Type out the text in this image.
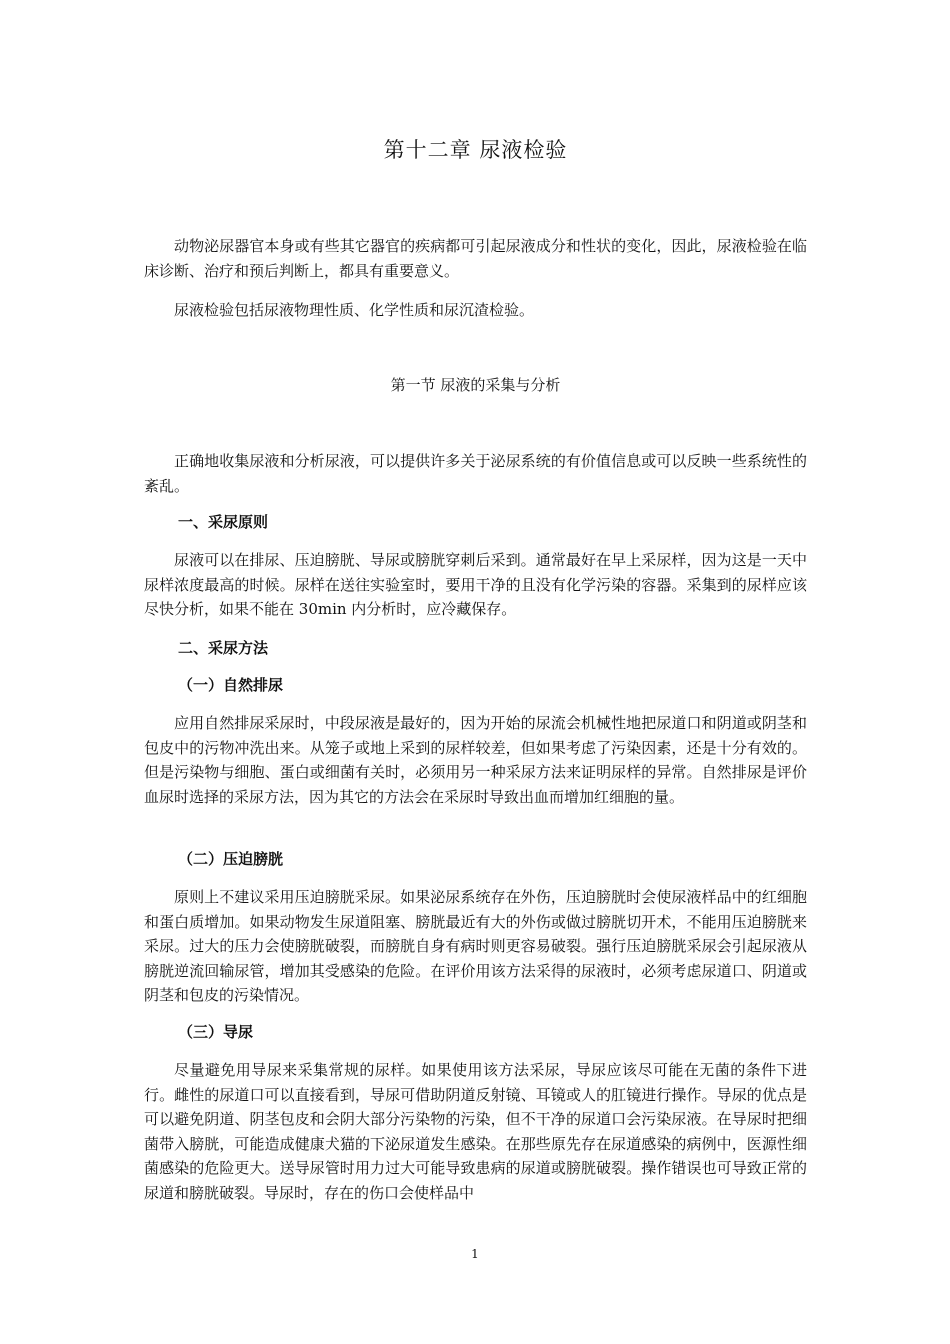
第十二章 尿液检验

动物泌尿器官本身或有些其它器官的疾病都可引起尿液成分和性状的变化，因此，尿液检验在临床诊断、治疗和预后判断上，都具有重要意义。

尿液检验包括尿液物理性质、化学性质和尿沉渣检验。

第一节 尿液的采集与分析

正确地收集尿液和分析尿液，可以提供许多关于泌尿系统的有价值信息或可以反映一些系统性的紊乱。

一、采尿原则

尿液可以在排尿、压迫膀胱、导尿或膀胱穿刺后采到。通常最好在早上采尿样，因为这是一天中尿样浓度最高的时候。尿样在送往实验室时，要用干净的且没有化学污染的容器。采集到的尿样应该尽快分析，如果不能在 30min 内分析时，应冷藏保存。

二、采尿方法
（一）自然排尿

应用自然排尿采尿时，中段尿液是最好的，因为开始的尿流会机械性地把尿道口和阴道或阴茎和包皮中的污物冲洗出来。从笼子或地上采到的尿样较差，但如果考虑了污染因素，还是十分有效的。但是污染物与细胞、蛋白或细菌有关时，必须用另一种采尿方法来证明尿样的异常。自然排尿是评价血尿时选择的采尿方法，因为其它的方法会在采尿时导致出血而增加红细胞的量。

（二）压迫膀胱

原则上不建议采用压迫膀胱采尿。如果泌尿系统存在外伤，压迫膀胱时会使尿液样品中的红细胞和蛋白质增加。如果动物发生尿道阻塞、膀胱最近有大的外伤或做过膀胱切开术，不能用压迫膀胱来采尿。过大的压力会使膀胱破裂，而膀胱自身有病时则更容易破裂。强行压迫膀胱采尿会引起尿液从膀胱逆流回输尿管，增加其受感染的危险。在评价用该方法采得的尿液时，必须考虑尿道口、阴道或阴茎和包皮的污染情况。

（三）导尿

尽量避免用导尿来采集常规的尿样。如果使用该方法采尿，导尿应该尽可能在无菌的条件下进行。雌性的尿道口可以直接看到，导尿可借助阴道反射镜、耳镜或人的肛镜进行操作。导尿的优点是可以避免阴道、阴茎包皮和会阴大部分污染物的污染，但不干净的尿道口会污染尿液。在导尿时把细菌带入膀胱，可能造成健康犬猫的下泌尿道发生感染。在那些原先存在尿道感染的病例中，医源性细菌感染的危险更大。送导尿管时用力过大可能导致患病的尿道或膀胱破裂。操作错误也可导致正常的尿道和膀胱破裂。导尿时，存在的伤口会使样品中

1
